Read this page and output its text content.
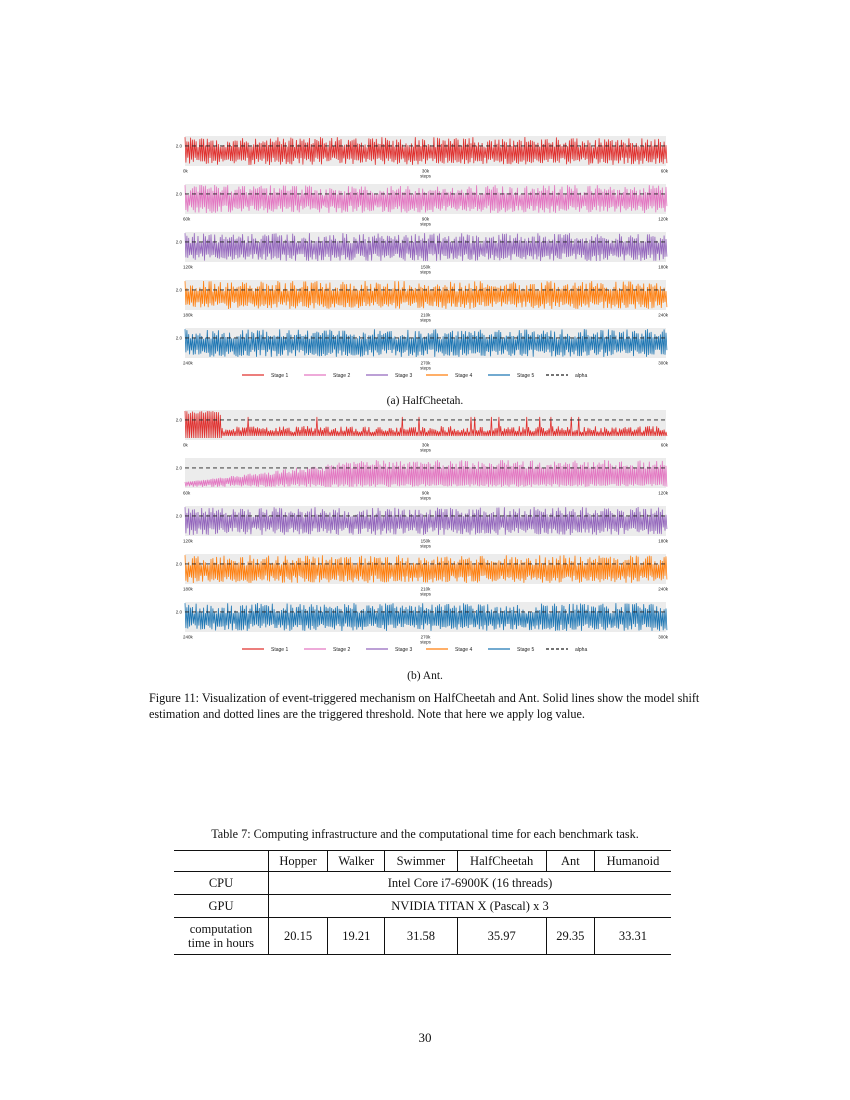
2.0
0k	30k	60k
steps
2.0
60k	90k	120k
steps
2.0
120k	150k	180k
steps
2.0
180k	210k	240k
steps
2.0
240k	270k	300k
steps
Stage 1	Stage 2	Stage 3	Stage 4	Stage 5	alpha
(a) HalfCheetah.
2.0
0k	30k	60k
steps
2.0
60k	90k	120k
steps
2.0
120k	150k	180k
steps
2.0
180k	210k	240k
steps
2.0
240k	270k	300k
steps
Stage 1	Stage 2	Stage 3	Stage 4	Stage 5	alpha
(b) Ant.
Figure 11: Visualization of event-triggered mechanism on HalfCheetah and Ant. Solid lines show the model shift estimation and dotted lines are the triggered threshold. Note that here we apply log value.
Table 7: Computing infrastructure and the computational time for each benchmark task.
	Hopper	Walker	Swimmer	HalfCheetah	Ant	Humanoid
CPU	Intel Core i7-6900K (16 threads)					
GPU	NVIDIA TITAN X (Pascal) x 3					
computation
time in hours	20.15	19.21	31.58	35.97	29.35	33.31
30
